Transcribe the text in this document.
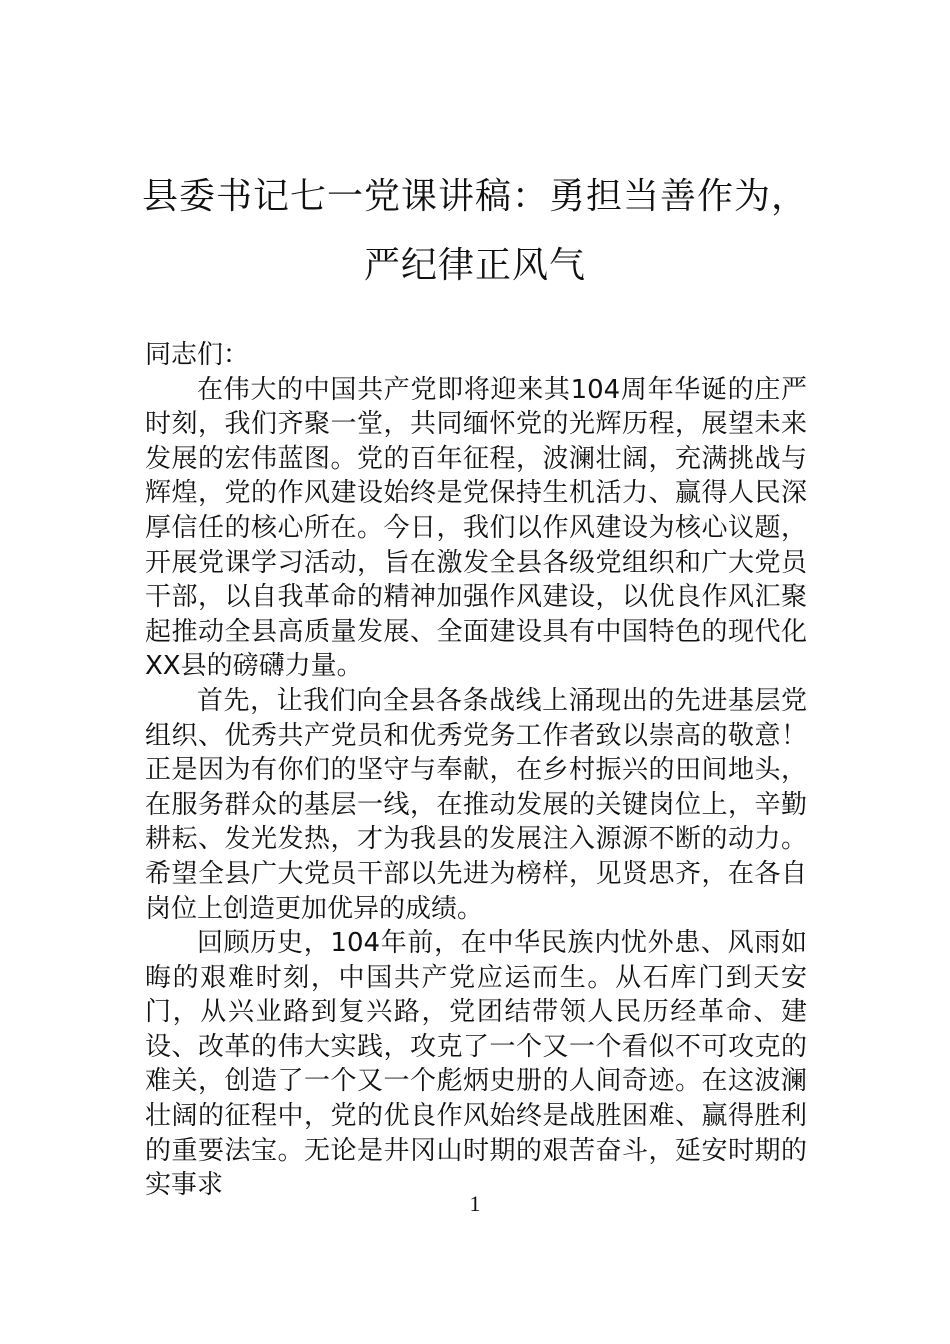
县委书记七一党课讲稿：勇担当善作为，
严纪律正风气

同志们：

在伟大的中国共产党即将迎来其104周年华诞的庄严时刻，我们齐聚一堂，共同缅怀党的光辉历程，展望未来发展的宏伟蓝图。党的百年征程，波澜壮阔，充满挑战与辉煌，党的作风建设始终是党保持生机活力、赢得人民深厚信任的核心所在。今日，我们以作风建设为核心议题，开展党课学习活动，旨在激发全县各级党组织和广大党员干部，以自我革命的精神加强作风建设，以优良作风汇聚起推动全县高质量发展、全面建设具有中国特色的现代化XX县的磅礴力量。

首先，让我们向全县各条战线上涌现出的先进基层党组织、优秀共产党员和优秀党务工作者致以崇高的敬意！正是因为有你们的坚守与奉献，在乡村振兴的田间地头，在服务群众的基层一线，在推动发展的关键岗位上，辛勤耕耘、发光发热，才为我县的发展注入源源不断的动力。希望全县广大党员干部以先进为榜样，见贤思齐，在各自岗位上创造更加优异的成绩。

回顾历史，104年前，在中华民族内忧外患、风雨如晦的艰难时刻，中国共产党应运而生。从石库门到天安门，从兴业路到复兴路，党团结带领人民历经革命、建设、改革的伟大实践，攻克了一个又一个看似不可攻克的难关，创造了一个又一个彪炳史册的人间奇迹。在这波澜壮阔的征程中，党的优良作风始终是战胜困难、赢得胜利的重要法宝。无论是井冈山时期的艰苦奋斗，延安时期的实事求

1
